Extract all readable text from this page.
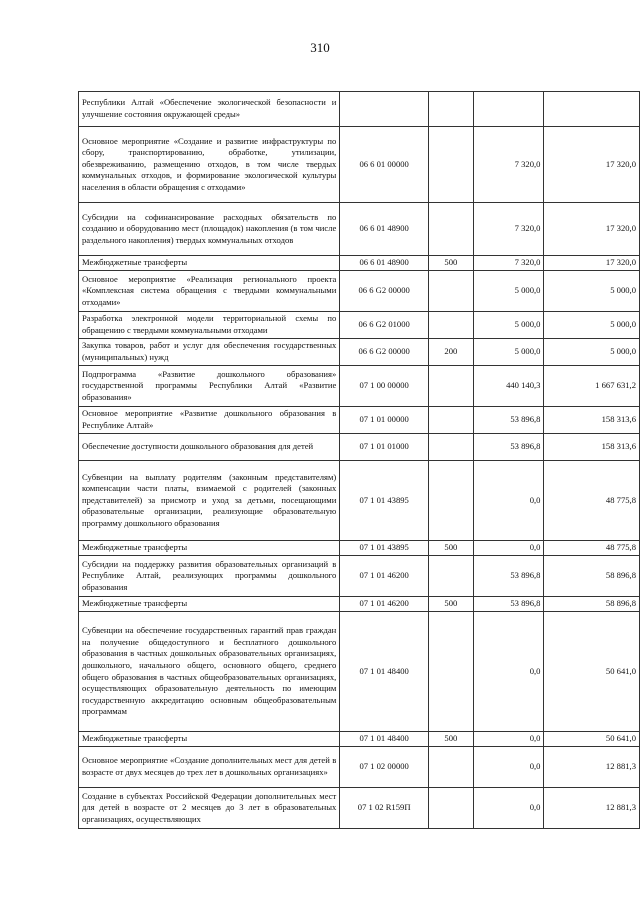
310
Республики Алтай «Обеспечение экологической безопасности и улучшение состояния окружающей среды»				
Основное мероприятие «Создание и развитие инфраструктуры по сбору, транспортированию, обработке, утилизации, обезвреживанию, размещению отходов, в том числе твердых коммунальных отходов, и формирование экологической культуры населения в области обращения с отходами»	06 6 01 00000		7 320,0	17 320,0
Субсидии на софинансирование расходных обязательств по созданию и оборудованию мест (площадок) накопления (в том числе раздельного накопления) твердых коммунальных отходов	06 6 01 48900		7 320,0	17 320,0
Межбюджетные трансферты	06 6 01 48900	500	7 320,0	17 320,0
Основное мероприятие «Реализация регионального проекта «Комплексная система обращения с твердыми коммунальными отходами»	06 6 G2 00000		5 000,0	5 000,0
Разработка электронной модели территориальной схемы по обращению с твердыми коммунальными отходами	06 6 G2 01000		5 000,0	5 000,0
Закупка товаров, работ и услуг для обеспечения государственных (муниципальных) нужд	06 6 G2 00000	200	5 000,0	5 000,0
Подпрограмма «Развитие дошкольного образования» государственной программы Республики Алтай «Развитие образования»	07 1 00 00000		440 140,3	1 667 631,2
Основное мероприятие «Развитие дошкольного образования в Республике Алтай»	07 1 01 00000		53 896,8	158 313,6
Обеспечение доступности дошкольного образования для детей	07 1 01 01000		53 896,8	158 313,6
Субвенции на выплату родителям (законным представителям) компенсации части платы, взимаемой с родителей (законных представителей) за присмотр и уход за детьми, посещающими образовательные организации, реализующие образовательную программу дошкольного образования	07 1 01 43895		0,0	48 775,8
Межбюджетные трансферты	07 1 01 43895	500	0,0	48 775,8
Субсидии на поддержку развития образовательных организаций в Республике Алтай, реализующих программы дошкольного образования	07 1 01 46200		53 896,8	58 896,8
Межбюджетные трансферты	07 1 01 46200	500	53 896,8	58 896,8
Субвенции на обеспечение государственных гарантий прав граждан на получение общедоступного и бесплатного дошкольного образования в частных дошкольных образовательных организациях, дошкольного, начального общего, основного общего, среднего общего образования в частных общеобразовательных организациях, осуществляющих образовательную деятельность по имеющим государственную аккредитацию основным общеобразовательным программам	07 1 01 48400		0,0	50 641,0
Межбюджетные трансферты	07 1 01 48400	500	0,0	50 641,0
Основное мероприятие «Создание дополнительных мест для детей в возрасте от двух месяцев до трех лет в дошкольных организациях»	07 1 02 00000		0,0	12 881,3
Создание в субъектах Российской Федерации дополнительных мест для детей в возрасте от 2 месяцев до 3 лет в образовательных организациях, осуществляющих	07 1 02 R159П		0,0	12 881,3
